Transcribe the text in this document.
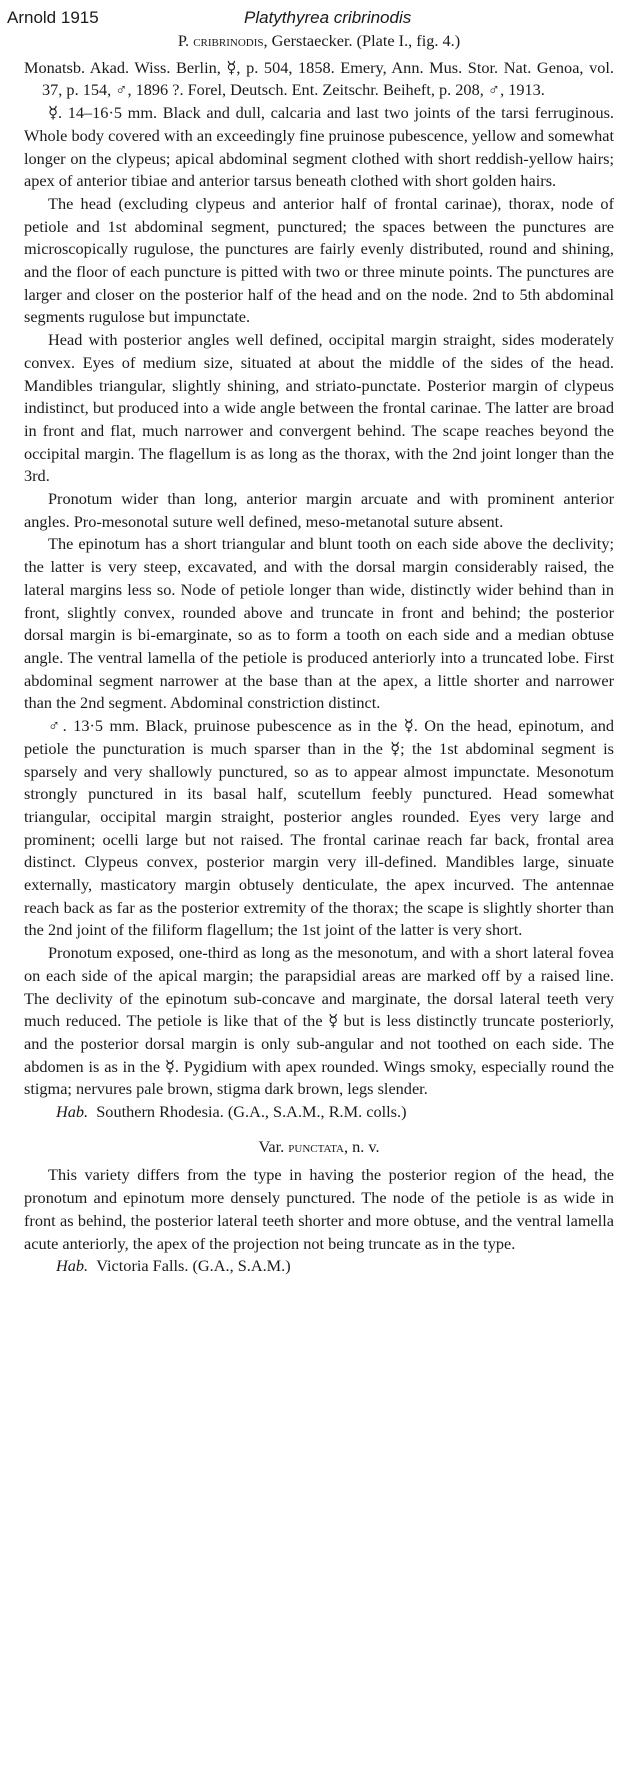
Arnold 1915	Platythyrea cribrinodis

P. cribrinodis, Gerstaecker. (Plate I., fig. 4.)

Monatsb. Akad. Wiss. Berlin, ☿, p. 504, 1858. Emery, Ann. Mus. Stor. Nat. Genoa, vol. 37, p. 154, ♂, 1896 ?. Forel, Deutsch. Ent. Zeitschr. Beiheft, p. 208, ♂, 1913.

☿. 14–16·5 mm. Black and dull, calcaria and last two joints of the tarsi ferruginous. Whole body covered with an exceedingly fine pruinose pubescence, yellow and somewhat longer on the clypeus; apical abdominal segment clothed with short reddish-yellow hairs; apex of anterior tibiae and anterior tarsus beneath clothed with short golden hairs.

The head (excluding clypeus and anterior half of frontal carinae), thorax, node of petiole and 1st abdominal segment, punctured; the spaces between the punctures are microscopically rugulose, the punctures are fairly evenly distributed, round and shining, and the floor of each puncture is pitted with two or three minute points. The punctures are larger and closer on the posterior half of the head and on the node. 2nd to 5th abdominal segments rugulose but impunctate.

Head with posterior angles well defined, occipital margin straight, sides moderately convex. Eyes of medium size, situated at about the middle of the sides of the head. Mandibles triangular, slightly shining, and striato-punctate. Posterior margin of clypeus indistinct, but produced into a wide angle between the frontal carinae. The latter are broad in front and flat, much narrower and convergent behind. The scape reaches beyond the occipital margin. The flagellum is as long as the thorax, with the 2nd joint longer than the 3rd.

Pronotum wider than long, anterior margin arcuate and with prominent anterior angles. Pro-mesonotal suture well defined, meso-metanotal suture absent.

The epinotum has a short triangular and blunt tooth on each side above the declivity; the latter is very steep, excavated, and with the dorsal margin considerably raised, the lateral margins less so. Node of petiole longer than wide, distinctly wider behind than in front, slightly convex, rounded above and truncate in front and behind; the posterior dorsal margin is bi-emarginate, so as to form a tooth on each side and a median obtuse angle. The ventral lamella of the petiole is produced anteriorly into a truncated lobe. First abdominal segment narrower at the base than at the apex, a little shorter and narrower than the 2nd segment. Abdominal constriction distinct.

♂. 13·5 mm. Black, pruinose pubescence as in the ☿. On the head, epinotum, and petiole the puncturation is much sparser than in the ☿; the 1st abdominal segment is sparsely and very shallowly punctured, so as to appear almost impunctate. Mesonotum strongly punctured in its basal half, scutellum feebly punctured. Head somewhat triangular, occipital margin straight, posterior angles rounded. Eyes very large and prominent; ocelli large but not raised. The frontal carinae reach far back, frontal area distinct. Clypeus convex, posterior margin very ill-defined. Mandibles large, sinuate externally, masticatory margin obtusely denticulate, the apex incurved. The antennae reach back as far as the posterior extremity of the thorax; the scape is slightly shorter than the 2nd joint of the filiform flagellum; the 1st joint of the latter is very short.

Pronotum exposed, one-third as long as the mesonotum, and with a short lateral fovea on each side of the apical margin; the parapsidial areas are marked off by a raised line. The declivity of the epinotum sub-concave and marginate, the dorsal lateral teeth very much reduced. The petiole is like that of the ☿ but is less distinctly truncate posteriorly, and the posterior dorsal margin is only sub-angular and not toothed on each side. The abdomen is as in the ☿. Pygidium with apex rounded. Wings smoky, especially round the stigma; nervures pale brown, stigma dark brown, legs slender.

Hab. Southern Rhodesia. (G.A., S.A.M., R.M. colls.)

Var. punctata, n. v.

This variety differs from the type in having the posterior region of the head, the pronotum and epinotum more densely punctured. The node of the petiole is as wide in front as behind, the posterior lateral teeth shorter and more obtuse, and the ventral lamella acute anteriorly, the apex of the projection not being truncate as in the type.

Hab. Victoria Falls. (G.A., S.A.M.)
